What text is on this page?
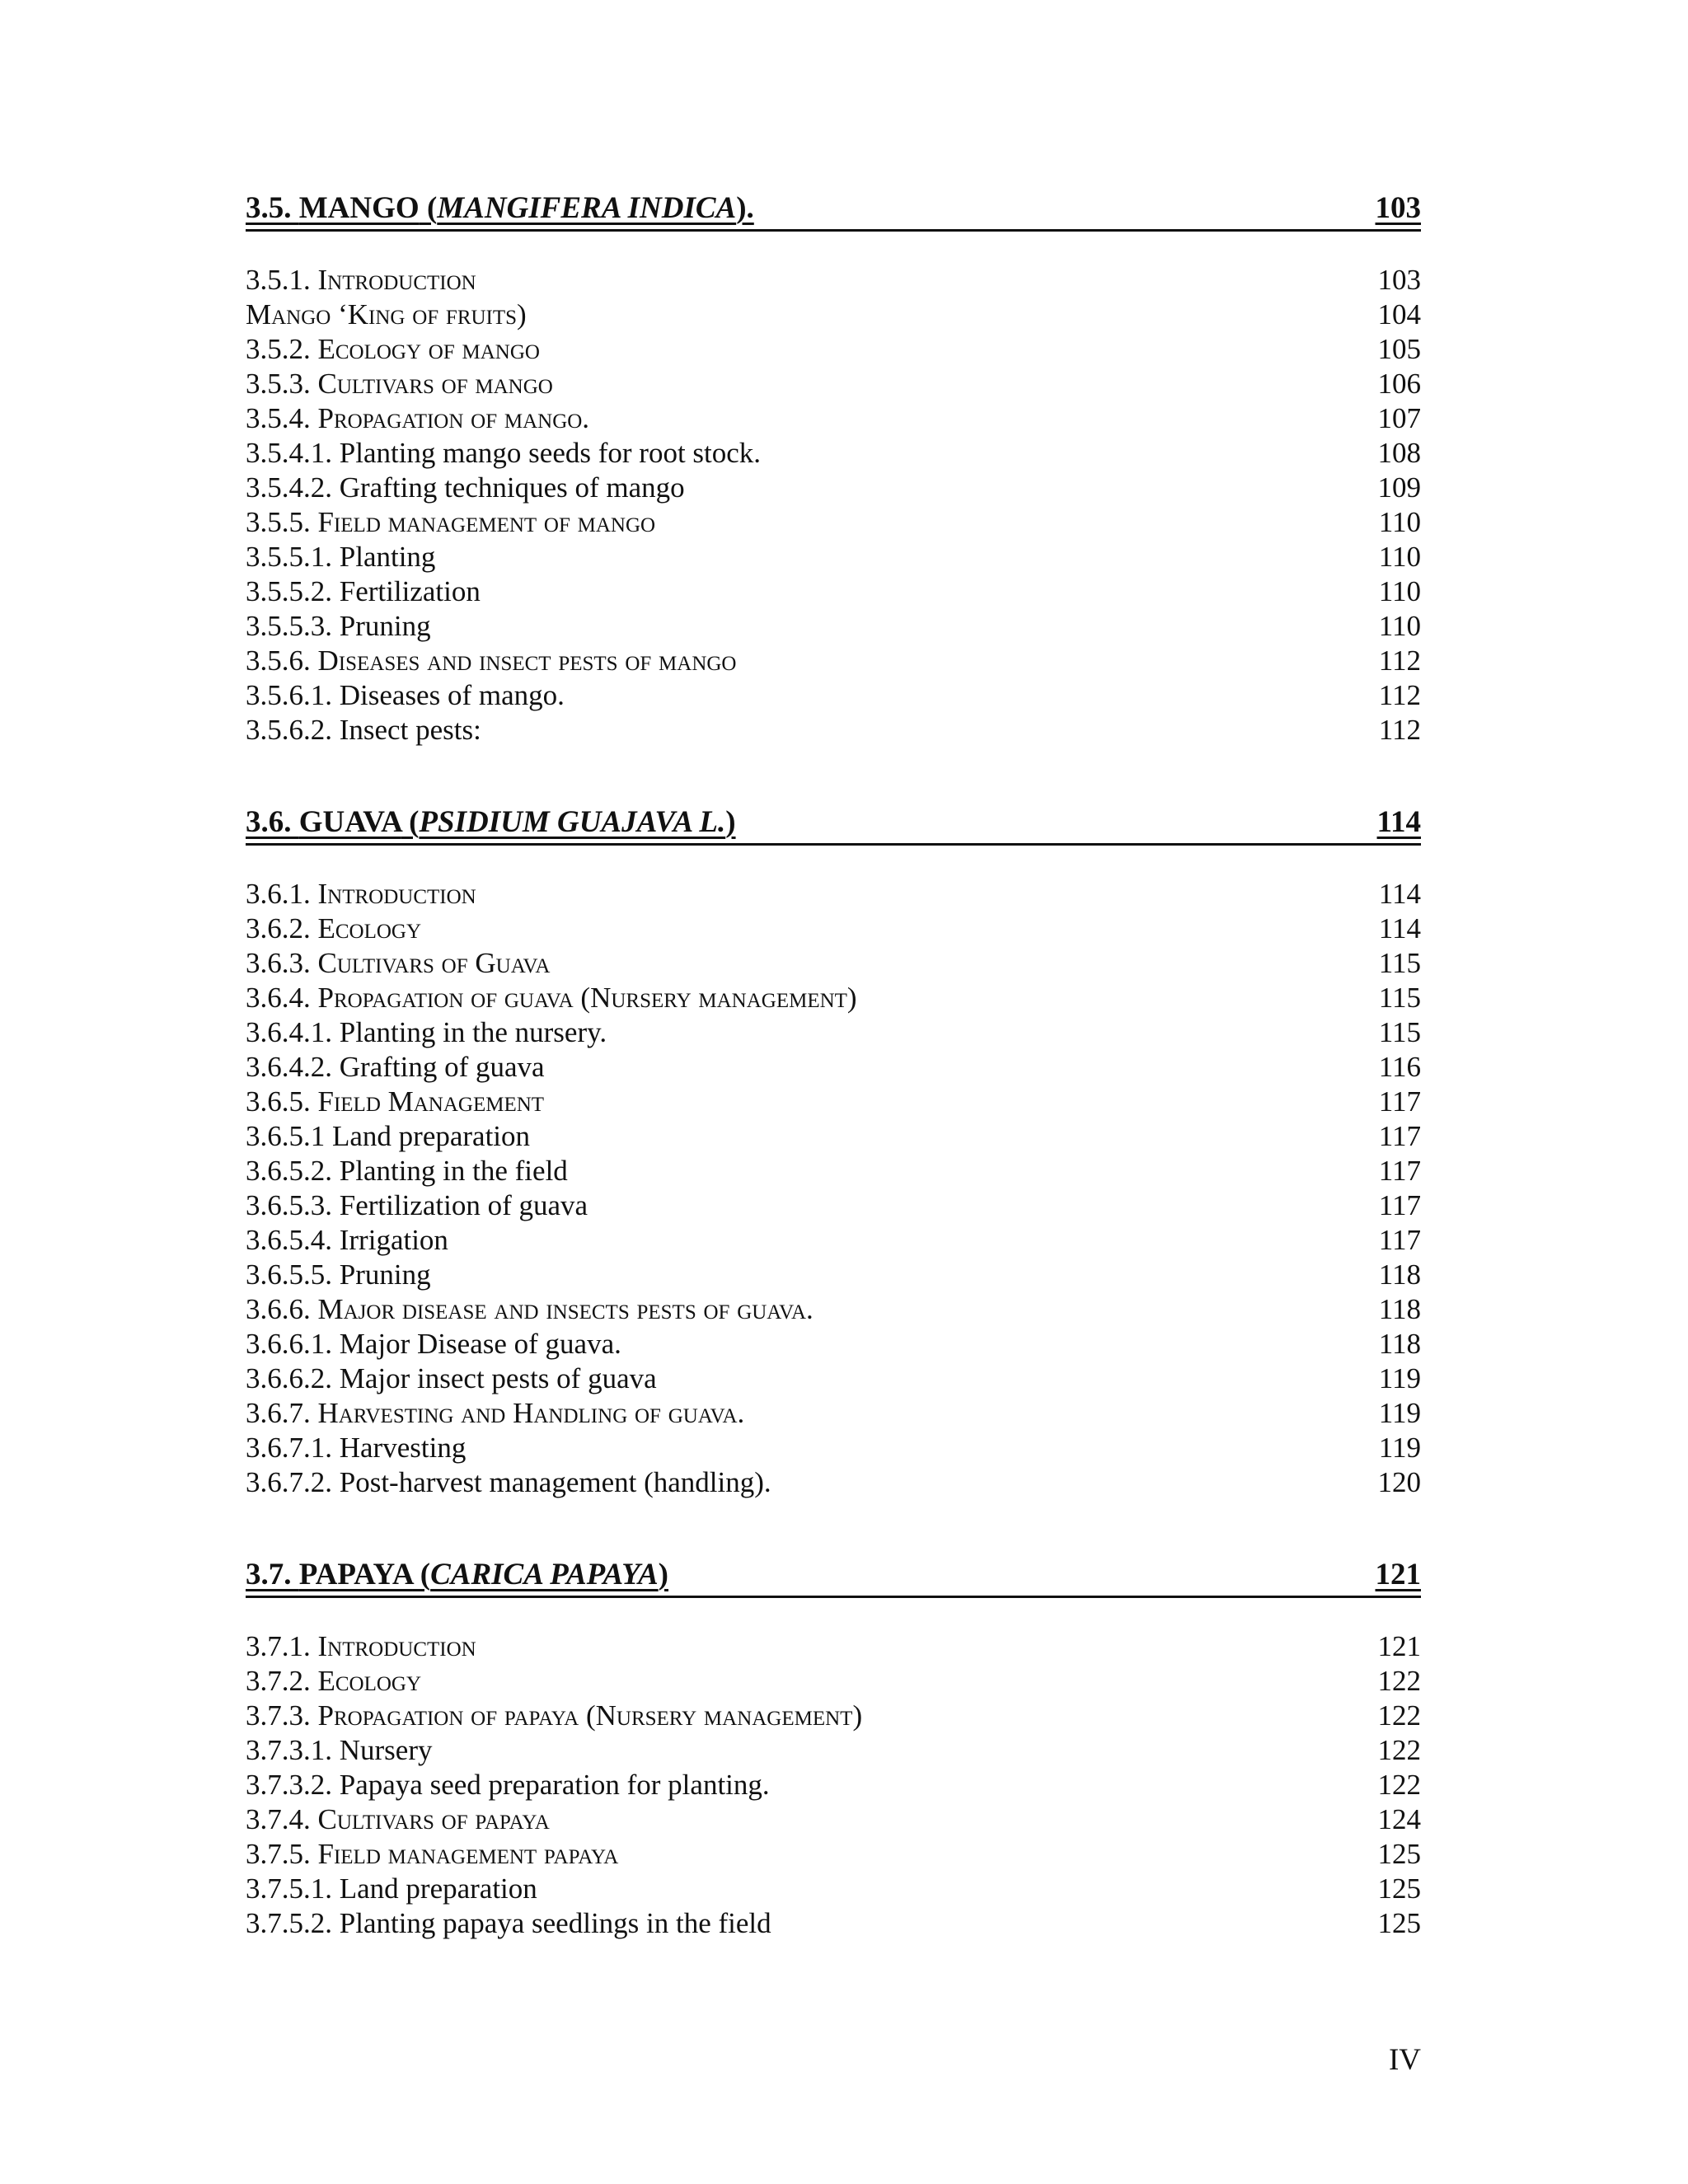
3.5. MANGO (MANGIFERA INDICA).	103
3.5.1. Introduction	103
Mango ‘King of fruits)	104
3.5.2. Ecology of mango	105
3.5.3. Cultivars of mango	106
3.5.4. Propagation of mango.	107
3.5.4.1. Planting mango seeds for root stock.	108
3.5.4.2. Grafting techniques of mango	109
3.5.5. Field management of mango	110
3.5.5.1. Planting	110
3.5.5.2. Fertilization	110
3.5.5.3. Pruning	110
3.5.6. Diseases and insect pests of mango	112
3.5.6.1. Diseases of mango.	112
3.5.6.2. Insect pests:	112
3.6. GUAVA (PSIDIUM GUAJAVA L.)	114
3.6.1. Introduction	114
3.6.2. Ecology	114
3.6.3. Cultivars of Guava	115
3.6.4. Propagation of guava (Nursery management)	115
3.6.4.1. Planting in the nursery.	115
3.6.4.2. Grafting of guava	116
3.6.5. Field Management	117
3.6.5.1 Land preparation	117
3.6.5.2. Planting in the field	117
3.6.5.3. Fertilization of guava	117
3.6.5.4. Irrigation	117
3.6.5.5. Pruning	118
3.6.6. Major disease and insects pests of guava.	118
3.6.6.1. Major Disease of guava.	118
3.6.6.2. Major insect pests of guava	119
3.6.7. Harvesting and Handling of guava.	119
3.6.7.1. Harvesting	119
3.6.7.2. Post-harvest management (handling).	120
3.7. PAPAYA (CARICA PAPAYA)	121
3.7.1. Introduction	121
3.7.2. Ecology	122
3.7.3. Propagation of papaya (Nursery management)	122
3.7.3.1. Nursery	122
3.7.3.2. Papaya seed preparation for planting.	122
3.7.4. Cultivars of papaya	124
3.7.5. Field management papaya	125
3.7.5.1. Land preparation	125
3.7.5.2. Planting papaya seedlings in the field	125
IV
